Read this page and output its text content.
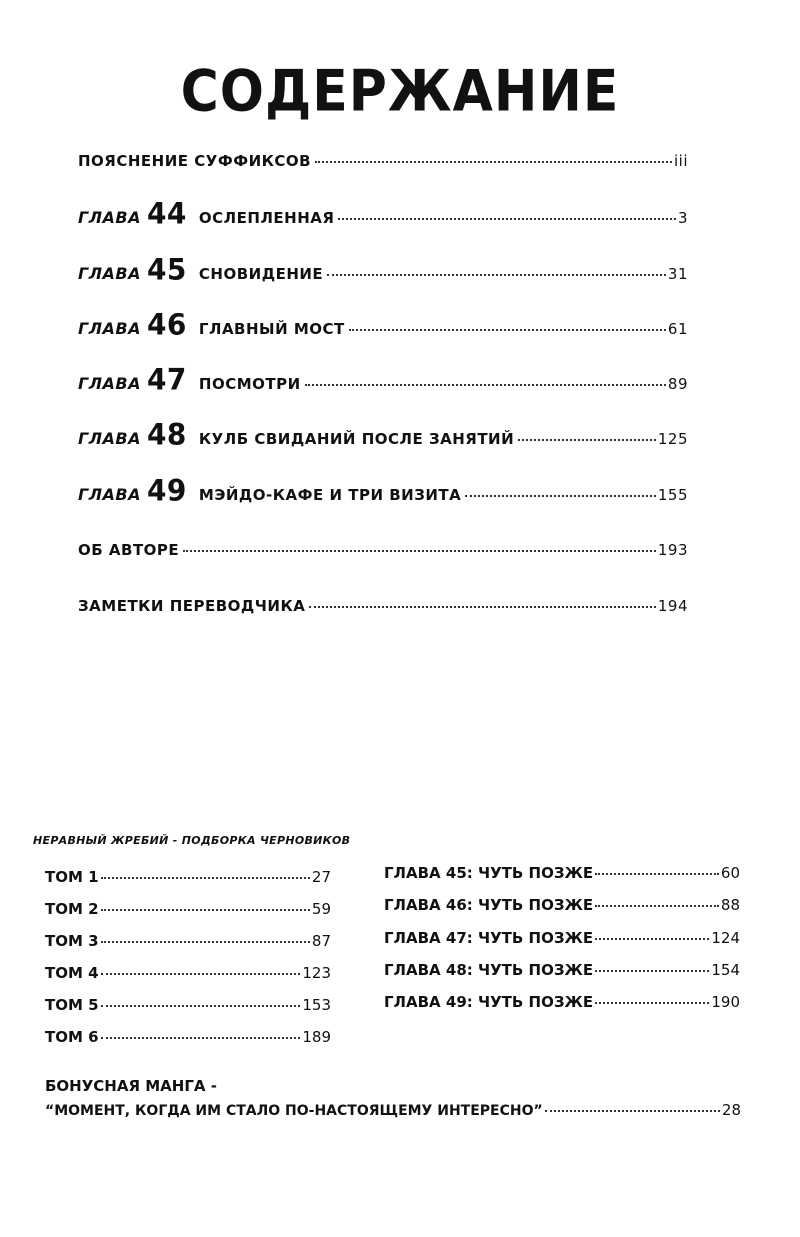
СОДЕРЖАНИЕ
ПОЯСНЕНИЕ СУФФИКСОВ	iii
ГЛАВА 44 ОСЛЕПЛЕННАЯ	3
ГЛАВА 45 СНОВИДЕНИЕ	31
ГЛАВА 46 ГЛАВНЫЙ МОСТ	61
ГЛАВА 47 ПОСМОТРИ	89
ГЛАВА 48 КУЛБ СВИДАНИЙ ПОСЛЕ ЗАНЯТИЙ	125
ГЛАВА 49 МЭЙДО-КАФЕ И ТРИ ВИЗИТА	155
ОБ АВТОРЕ	193
ЗАМЕТКИ ПЕРЕВОДЧИКА	194
НЕРАВНЫЙ ЖРЕБИЙ - ПОДБОРКА ЧЕРНОВИКОВ
ТОМ 1	27
ТОМ 2	59
ТОМ 3	87
ТОМ 4	123
ТОМ 5	153
ТОМ 6	189
ГЛАВА 45: ЧУТЬ ПОЗЖЕ	60
ГЛАВА 46: ЧУТЬ ПОЗЖЕ	88
ГЛАВА 47: ЧУТЬ ПОЗЖЕ	124
ГЛАВА 48: ЧУТЬ ПОЗЖЕ	154
ГЛАВА 49: ЧУТЬ ПОЗЖЕ	190
БОНУСНАЯ МАНГА -
“МОМЕНТ, КОГДА ИМ СТАЛО ПО-НАСТОЯЩЕМУ ИНТЕРЕСНО”	28
